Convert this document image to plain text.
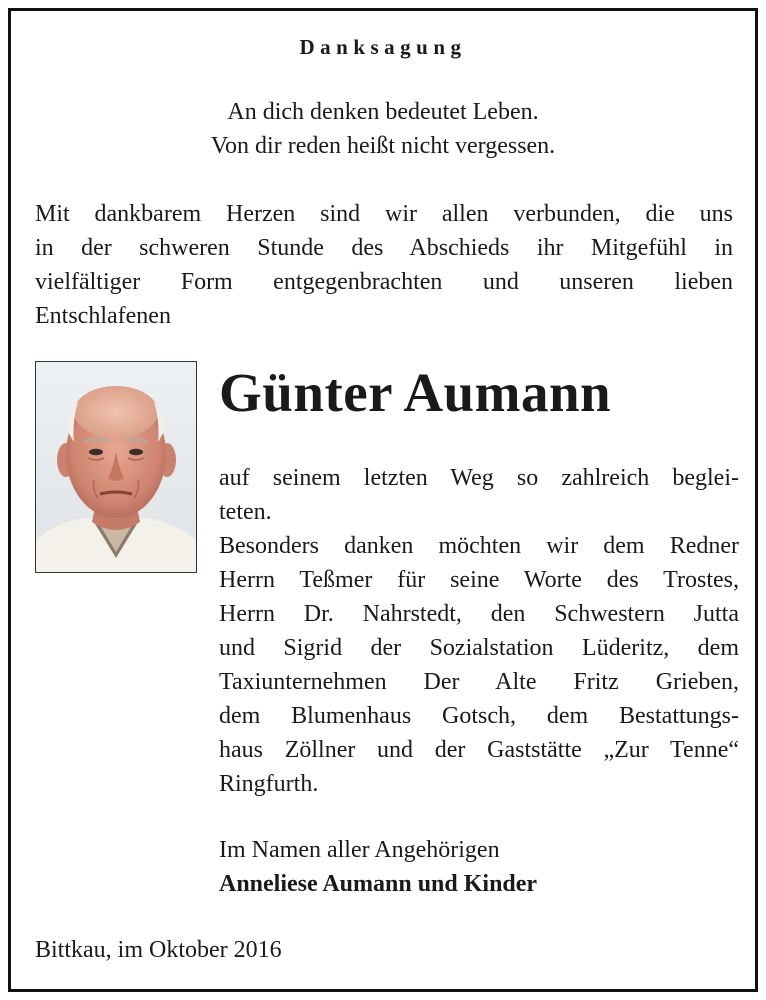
Danksagung
An dich denken bedeutet Leben.
Von dir reden heißt nicht vergessen.
Mit dankbarem Herzen sind wir allen verbunden, die uns
in der schweren Stunde des Abschieds ihr Mitgefühl in
vielfältiger Form entgegenbrachten und unseren lieben
Entschlafenen
Günter Aumann
auf seinem letzten Weg so zahlreich beglei-
teten.
Besonders danken möchten wir dem Redner
Herrn Teßmer für seine Worte des Trostes,
Herrn Dr. Nahrstedt, den Schwestern Jutta
und Sigrid der Sozialstation Lüderitz, dem
Taxiunternehmen Der Alte Fritz Grieben,
dem Blumenhaus Gotsch, dem Bestattungs-
haus Zöllner und der Gaststätte „Zur Tenne“
Ringfurth.
Im Namen aller Angehörigen
Anneliese Aumann und Kinder
Bittkau, im Oktober 2016
